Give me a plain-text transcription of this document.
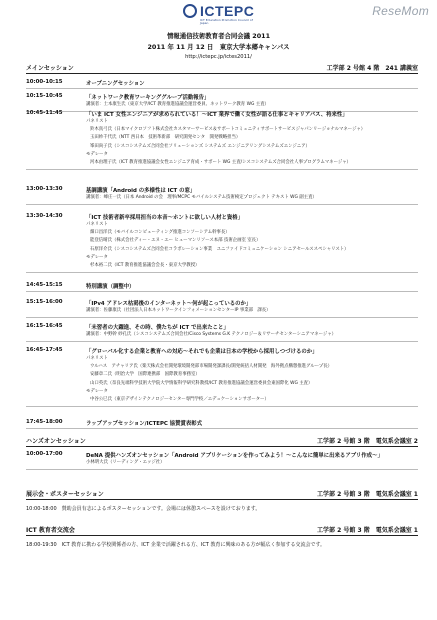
ReseMom
ICTEPC
ICT Education Promotion Council of Japan
情報通信技術教育者合同会議 2011
2011 年 11 月 12 日　東京大学本郷キャンパス
http://ictepc.jp/ictes2011/
メインセッション	工学部 2 号館 4 階　241 講義室
10:00-10:15	オープニングセッション
10:15-10:45	「ネットワーク教育ワーキンググループ活動報告」
講演者：土本康生氏（東京大学/ICT 教育推進協議会運営委員、ネットワーク教育 WG 主査）
10:45-11:45	「いま ICT 女性エンジニアが求められている！～ICT 業界で働く女性が語る仕事とキャリアパス、将来性」
パネリスト
鈴木真弓氏（日本マイクロソフト株式会社カスタマーサービス＆サポートコミュニティサポートサービスジャパンリージョナルマネージャ）
玉田紗千代氏（NTT 西日本　技術革新部　研究開発センタ　開発戦略担当）
峯田尚子氏（シスコシステムズ合同会社ソリューションズ システムズ エンジニアリングシステムズエンジニア）
モデレータ
河本由理子氏（ICT 教育推進協議会女性エンジニア育成・サポート WG 主査/シスコシステムズ合同会社人事プログラムマネージャ）
13:00-13:30	基調講演「Android の多様性は ICT の窓」
講演者：峰庄一氏（日本 Android の会　理事/MCPC モバイルシステム技術検定プロジェクト テキスト WG 副主査）
13:30-14:30	「ICT 技術者新卒採用担当の本音～ホントに欲しい人材と資格」
パネリスト
畑口昌洋氏（モバイルコンピューティング推進コンソーシアム幹事長）
能登信晴氏（株式会社ディー・エヌ・エー ヒューマンリソース本部 技術企画室 室長）
石原洋介氏（シスコシステムズ合同会社コラボレーション事業　ユニファイドコミュニケーション シニアセールススペシャリスト）
モデレータ
杉本裕二氏（ICT 教育推進協議会会長・東京大学教授）
14:45-15:15	特別講演（調整中）
15:15-16:00	「IPv4 アドレス枯渇後のインターネット～何が起こっているのか」
講演者：佐藤康氏（社団法人日本ネットワークインフォメーションセンターIP 事業部　課長）
16:15-16:45	「未習者の大躍進、その時、僕たちが ICT で出来たこと」
講演者：中野幹 紗孔氏（シスコシステムズ合同会社/Cisco Systems G.K テクノロジー＆リサーチセンターシニアマネージャ）
16:45-17:45	「グローバル化する企業と教育への対応～それでも企業は日本の学校から採用しつづけるのか」
パネリスト
ウルハス　アチャリア氏（楽天株式会社開発環境開発部市場開発課課長/開発統括人材開発　海外拠点構想推進グループ長）
安藤章二氏（明治大学　国際連携部　国際教育事務室）
山口英氏（奈良先端科学技術大学院大学情報科学研究科教授/ICT 教育推進協議会運営委員会東国際化 WG 主査）
モデレータ
中谷公巳氏（東京デザインテクノロジーセンター専門学校／エデュケーションサポーター）
17:45-18:00	ラップアップセッション/ICTEPC 協賛賞表彰式
ハンズオンセッション	工学部 2 号館 3 階　電気系会議室 2
10:00-17:00	DeNA 提供ハンズオンセッション「Android アプリケーションを作ってみよう！～こんなに簡単に出来るアプリ作成～」
小林明大氏（リーディング・エッジ社）
展示会・ポスターセッション	工学部 2 号館 3 階　電気系会議室 1
10:00-18:00　賛助会員有志によるポスターセッションです。会場には休憩スペースを設けております。
ICT 教育者交流会	工学部 2 号館 3 階　電気系会議室 1
18:00-19:30　ICT 教育に携わる学校関係者の方、ICT 企業で活躍される方、ICT 教育に興味のある方が幅広く参加する交流会です。
